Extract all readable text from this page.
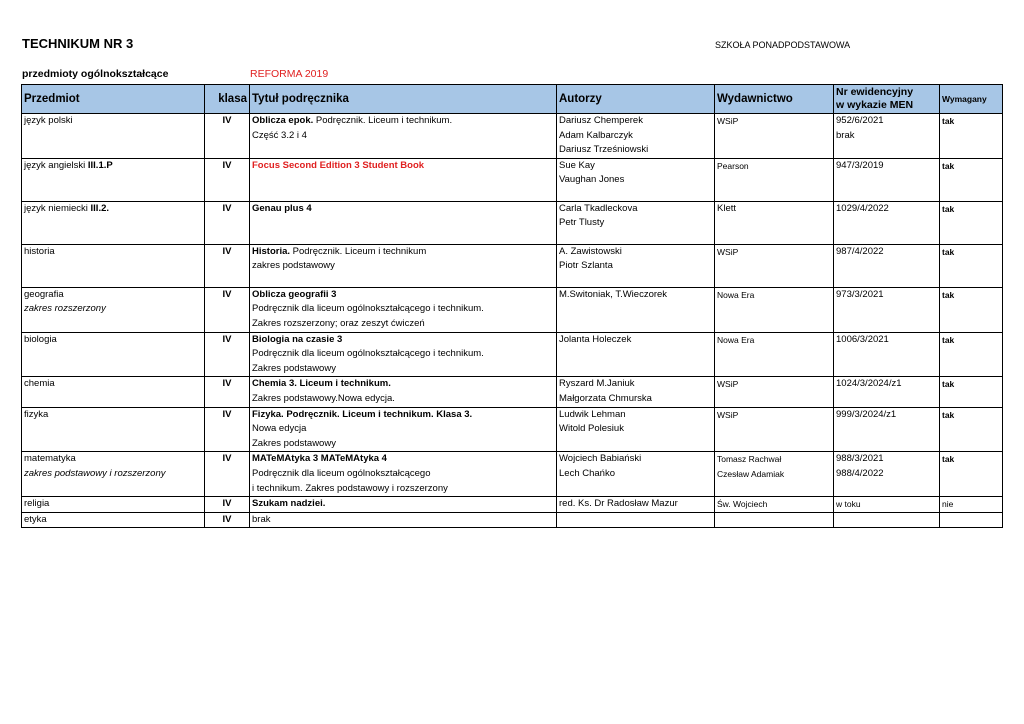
TECHNIKUM NR 3	SZKOŁA PONADPODSTAWOWA
przedmioty ogólnokształcące	REFORMA 2019
Przedmiot	klasa	Tytuł podręcznika	Autorzy	Wydawnictwo	Nr ewidencyjny
w wykazie MEN	Wymagany

język polski	IV	Oblicza epok. Podręcznik. Liceum i technikum.
Część 3.2 i 4	Dariusz Chemperek
Adam Kalbarczyk
Dariusz Trześniowski	WSiP	952/6/2021
brak	tak

język angielski III.1.P	IV	Focus Second Edition 3 Student Book	Sue Kay
Vaughan Jones	Pearson	947/3/2019	tak

język niemiecki III.2.	IV	Genau plus 4	Carla Tkadleckova
Petr Tlusty	Klett	1029/4/2022	tak

historia	IV	Historia. Podręcznik. Liceum i technikum
zakres podstawowy	A. Zawistowski
Piotr Szlanta	WSiP	987/4/2022	tak

geografia
zakres rozszerzony	IV	Oblicza geografii 3
Podręcznik dla liceum ogólnokształcącego i technikum.
Zakres rozszerzony; oraz zeszyt ćwiczeń	M.Switoniak, T.Wieczorek	Nowa Era	973/3/2021	tak

biologia	IV	Biologia na czasie 3
Podręcznik dla liceum ogólnokształcącego i technikum.
Zakres podstawowy	Jolanta Holeczek	Nowa Era	1006/3/2021	tak

chemia	IV	Chemia 3. Liceum i technikum.
Zakres podstawowy.Nowa edycja.	Ryszard M.Janiuk
Małgorzata Chmurska	WSiP	1024/3/2024/z1	tak

fizyka	IV	Fizyka. Podręcznik. Liceum i technikum. Klasa 3.
Nowa edycja
Zakres podstawowy	Ludwik Lehman
Witold Polesiuk	WSiP	999/3/2024/z1	tak

matematyka
zakres podstawowy i rozszerzony	IV	MATeMAtyka 3 MATeMAtyka 4
Podręcznik dla liceum ogólnokształcącego
i technikum. Zakres podstawowy i rozszerzony	Wojciech Babiański
Lech Chańko	Tomasz Rachwał
Czesław Adamiak	988/3/2021
988/4/2022	tak

religia	IV	Szukam nadziei.	red. Ks. Dr Radosław Mazur	Św. Wojciech	w toku	nie

etyka	IV	brak				
